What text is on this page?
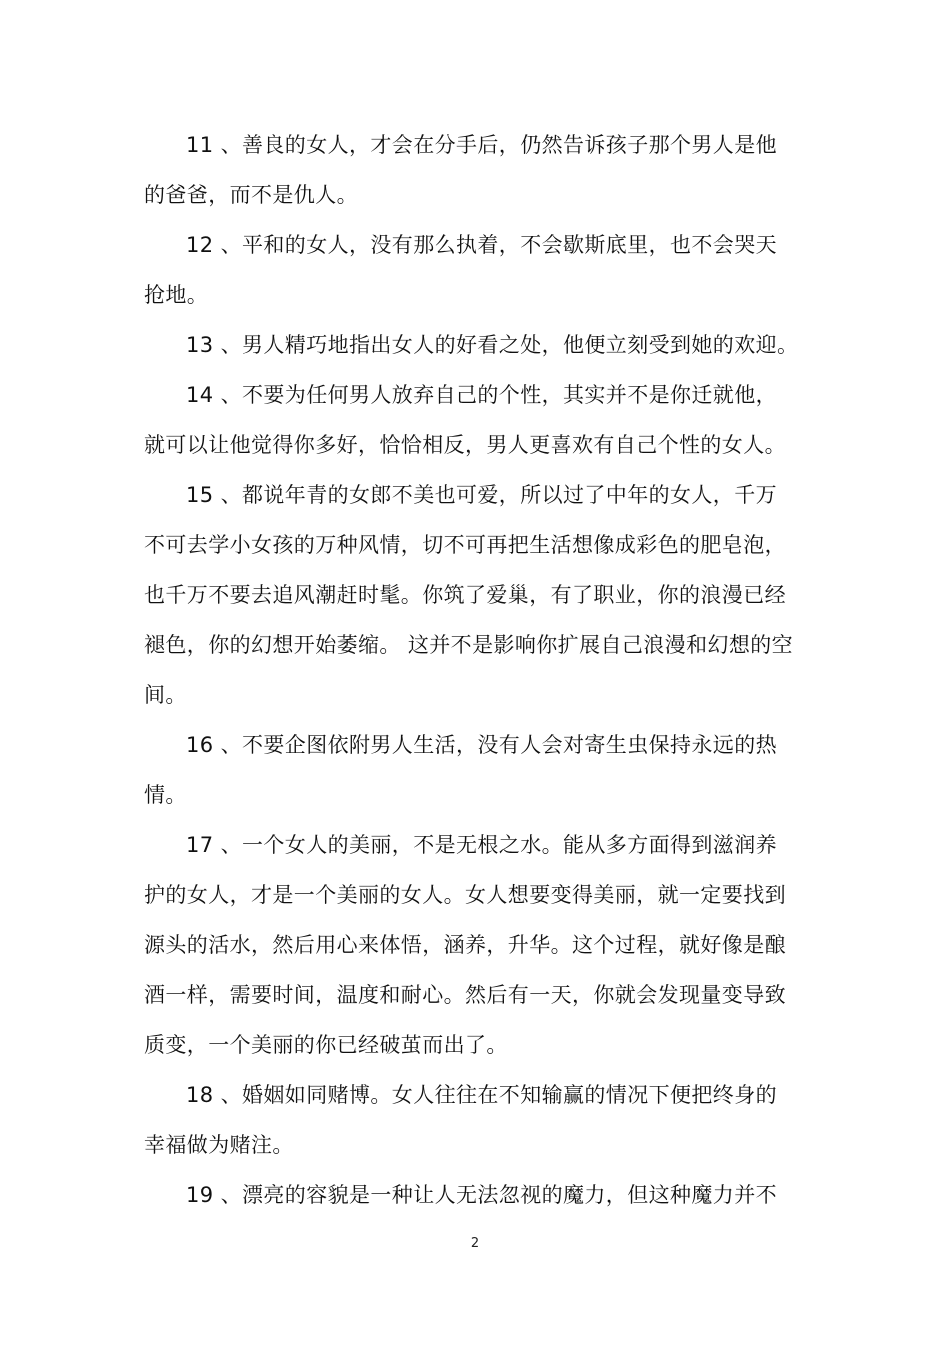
11 、善良的女人，才会在分手后，仍然告诉孩子那个男人是他
的爸爸，而不是仇人。
12 、平和的女人，没有那么执着，不会歇斯底里，也不会哭天
抢地。
13 、男人精巧地指出女人的好看之处，他便立刻受到她的欢迎。
14 、不要为任何男人放弃自己的个性，其实并不是你迁就他，
就可以让他觉得你多好，恰恰相反，男人更喜欢有自己个性的女人。
15 、都说年青的女郎不美也可爱，所以过了中年的女人，千万
不可去学小女孩的万种风情，切不可再把生活想像成彩色的肥皂泡，
也千万不要去追风潮赶时髦。你筑了爱巢，有了职业，你的浪漫已经
褪色，你的幻想开始萎缩。 这并不是影响你扩展自己浪漫和幻想的空
间。
16 、不要企图依附男人生活，没有人会对寄生虫保持永远的热
情。
17 、一个女人的美丽，不是无根之水。能从多方面得到滋润养
护的女人，才是一个美丽的女人。女人想要变得美丽，就一定要找到
源头的活水，然后用心来体悟，涵养，升华。这个过程，就好像是酿
酒一样，需要时间，温度和耐心。然后有一天，你就会发现量变导致
质变，一个美丽的你已经破茧而出了。
18 、婚姻如同赌博。女人往往在不知输赢的情况下便把终身的
幸福做为赌注。
19 、漂亮的容貌是一种让人无法忽视的魔力，但这种魔力并不
2
